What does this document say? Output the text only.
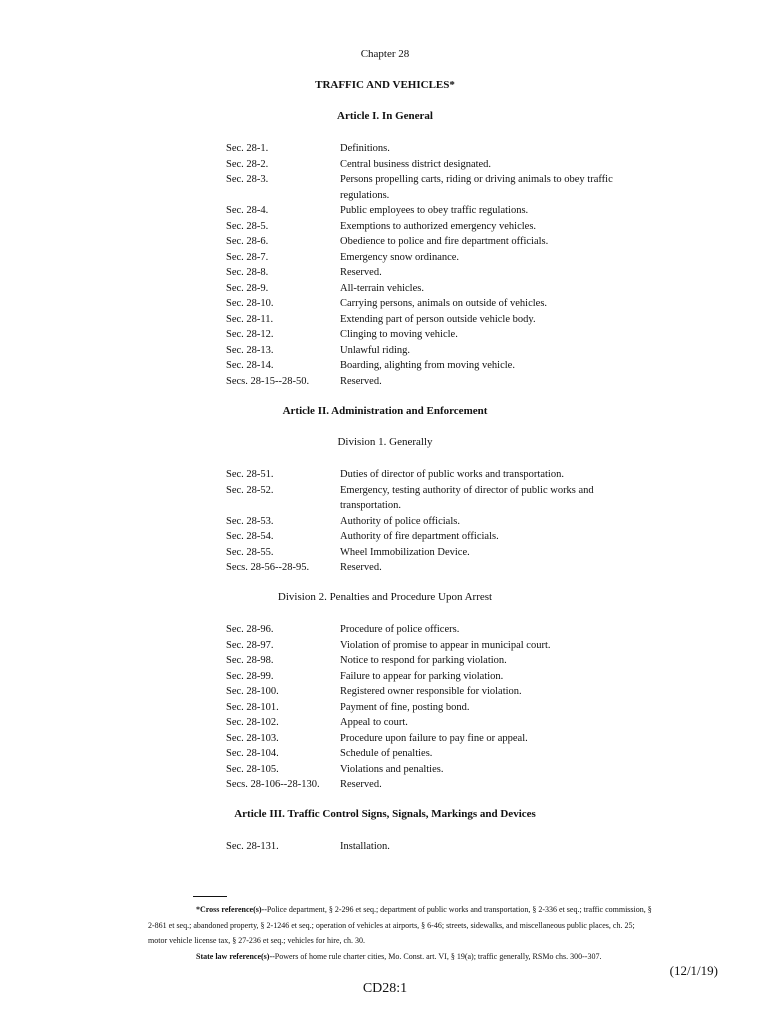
Chapter 28
TRAFFIC AND VEHICLES*
Article I. In General
Sec. 28-1.	Definitions.
Sec. 28-2.	Central business district designated.
Sec. 28-3.	Persons propelling carts, riding or driving animals to obey traffic regulations.
Sec. 28-4.	Public employees to obey traffic regulations.
Sec. 28-5.	Exemptions to authorized emergency vehicles.
Sec. 28-6.	Obedience to police and fire department officials.
Sec. 28-7.	Emergency snow ordinance.
Sec. 28-8.	Reserved.
Sec. 28-9.	All-terrain vehicles.
Sec. 28-10.	Carrying persons, animals on outside of vehicles.
Sec. 28-11.	Extending part of person outside vehicle body.
Sec. 28-12.	Clinging to moving vehicle.
Sec. 28-13.	Unlawful riding.
Sec. 28-14.	Boarding, alighting from moving vehicle.
Secs. 28-15--28-50.	Reserved.
Article II. Administration and Enforcement
Division 1. Generally
Sec. 28-51.	Duties of director of public works and transportation.
Sec. 28-52.	Emergency, testing authority of director of public works and transportation.
Sec. 28-53.	Authority of police officials.
Sec. 28-54.	Authority of fire department officials.
Sec. 28-55.	Wheel Immobilization Device.
Secs. 28-56--28-95.	Reserved.
Division 2. Penalties and Procedure Upon Arrest
Sec. 28-96.	Procedure of police officers.
Sec. 28-97.	Violation of promise to appear in municipal court.
Sec. 28-98.	Notice to respond for parking violation.
Sec. 28-99.	Failure to appear for parking violation.
Sec. 28-100.	Registered owner responsible for violation.
Sec. 28-101.	Payment of fine, posting bond.
Sec. 28-102.	Appeal to court.
Sec. 28-103.	Procedure upon failure to pay fine or appeal.
Sec. 28-104.	Schedule of penalties.
Sec. 28-105.	Violations and penalties.
Secs. 28-106--28-130.	Reserved.
Article III. Traffic Control Signs, Signals, Markings and Devices
Sec. 28-131.	Installation.
*Cross reference(s)--Police department, § 2-296 et seq.; department of public works and transportation, § 2-336 et seq.; traffic commission, §
2-861 et seq.; abandoned property, § 2-1246 et seq.; operation of vehicles at airports, § 6-46; streets, sidewalks, and miscellaneous public places, ch. 25;
motor vehicle license tax, § 27-236 et seq.; vehicles for hire, ch. 30.
State law reference(s)--Powers of home rule charter cities, Mo. Const. art. VI, § 19(a); traffic generally, RSMo chs. 300--307.
(12/1/19)
CD28:1
